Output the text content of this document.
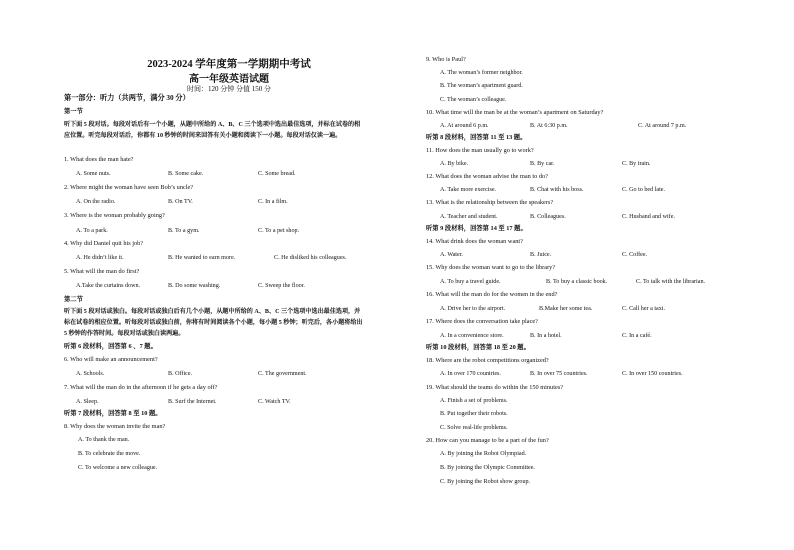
2023-2024 学年度第一学期期中考试
高一年级英语试题
时间：120 分钟 分值 150 分
第一部分：听力（共两节，满分 30 分）
第一节
听下面 5 段对话。每段对话后有一个小题，从题中所给的 A、B、C 三个选项中选出最佳选项，并标在试卷的相应位置。听完每段对话后，你都有 10 秒钟的时间来回答有关小题和阅读下一小题。每段对话仅读一遍。
1. What does the man hate?
A. Some nuts.	B. Some cake.	C. Some bread.
2. Where might the woman have seen Bob’s uncle?
A. On the radio.	B. On TV.	C. In a film.
3. Where is the woman probably going?
A. To a park.	B. To a gym.	C. To a pet shop.
4. Why did Daniel quit his job?
A. He didn’t like it.	B. He wanted to earn more.	C. He disliked his colleagues.
5. What will the man do first?
A.Take the curtains down.	B. Do some washing.	C. Sweep the floor.
第二节
听下面 5 段对话或独白。每段对话或独白后有几个小题，从题中所给的 A、B、C 三个选项中选出最佳选项，并标在试卷的相应位置。听每段对话或独白前，你将有时间阅读各个小题，每小题 5 秒钟；听完后，各小题将给出 5 秒钟的作答时间。每段对话或独白读两遍。
听第 6 段材料，回答第 6 、7 题。
6. Who will make an announcement?
A. Schools.	B. Office.	C. The government.
7. What will the man do in the afternoon if he gets a day off?
A. Sleep.	B. Surf the Internet.	C. Watch TV.
听第 7 段材料，回答第 8 至 10 题。
8. Why does the woman invite the man?
A. To thank the man.
B. To celebrate the move.
C. To welcome a new colleague.
9. Who is Paul?
A. The woman’s former neighbor.
B. The woman’s apartment guard.
C. The woman’s colleague.
10. What time will the man be at the woman’s apartment on Saturday?
A. At around 6 p.m.	B. At 6:30 p.m.	C. At around 7 p.m.
听第 8 段材料，回答第 11 至 13 题。
11. How does the man usually go to work?
A. By bike.	B. By car.	C. By train.
12. What does the woman advise the man to do?
A. Take more exercise.	B. Chat with his boss.	C. Go to bed late.
13. What is the relationship between the speakers?
A. Teacher and student.	B. Colleagues.	C. Husband and wife.
听第 9 段材料，回答第 14 至 17 题。
14. What drink does the woman want?
A. Water.	B. Juice.	C. Coffee.
15. Why does the woman want to go to the library?
A. To buy a travel guide.	B. To buy a classic book.	C. To talk with the librarian.
16. What will the man do for the women in the end?
A. Drive her to the airport.	B.Make her some tea.	C. Call her a taxi.
17. Where does the conversation take place?
A. In a convenience store.	B. In a hotel.	C. In a café.
听第 10 段材料，回答第 18 至 20 题。
18. Where are the robot competitions organized?
A. In over 170 countries.	B. In over 75 countries.	C. In over 150 countries.
19. What should the teams do within the 150 minutes?
A. Finish a set of problems.
B. Put together their robots.
C. Solve real-life problems.
20. How can you manage to be a part of the fun?
A. By joining the Robot Olympiad.
B. By joining the Olympic Committee.
C. By joining the Robot show group.
